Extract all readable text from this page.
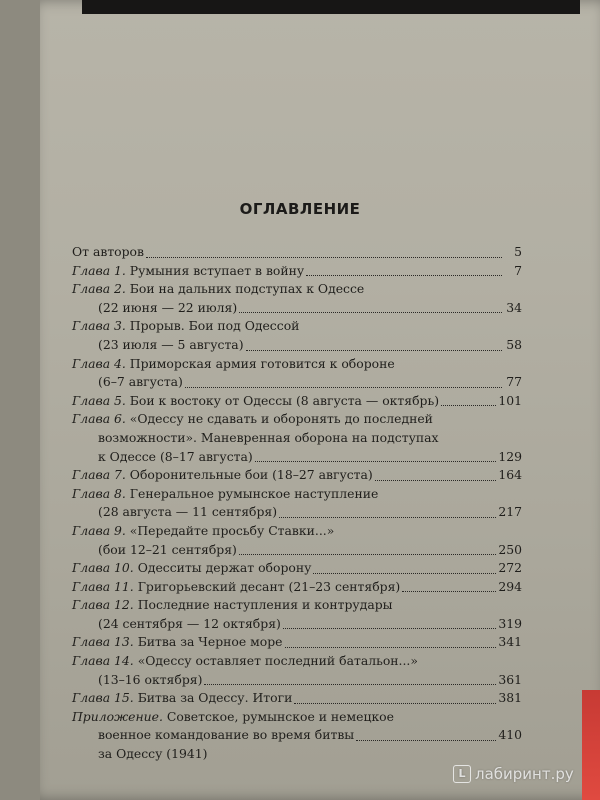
ОГЛАВЛЕНИЕ
От авторов	5
Глава 1. Румыния вступает в войну	7
Глава 2. Бои на дальних подступах к Одессе
(22 июня — 22 июля)	34
Глава 3. Прорыв. Бои под Одессой
(23 июля — 5 августа)	58
Глава 4. Приморская армия готовится к обороне
(6–7 августа)	77
Глава 5. Бои к востоку от Одессы (8 августа — октябрь)	101
Глава 6. «Одессу не сдавать и оборонять до последней
возможности». Маневренная оборона на подступах
к Одессе (8–17 августа)	129
Глава 7. Оборонительные бои (18–27 августа)	164
Глава 8. Генеральное румынское наступление
(28 августа — 11 сентября)	217
Глава 9. «Передайте просьбу Ставки...»
(бои 12–21 сентября)	250
Глава 10. Одесситы держат оборону	272
Глава 11. Григорьевский десант (21–23 сентября)	294
Глава 12. Последние наступления и контрудары
(24 сентября — 12 октября)	319
Глава 13. Битва за Черное море	341
Глава 14. «Одессу оставляет последний батальон...»
(13–16 октября)	361
Глава 15. Битва за Одессу. Итоги	381
Приложение. Советское, румынское и немецкое
военное командование во время битвы	410
за Одессу (1941)
L лабиринт.ру
